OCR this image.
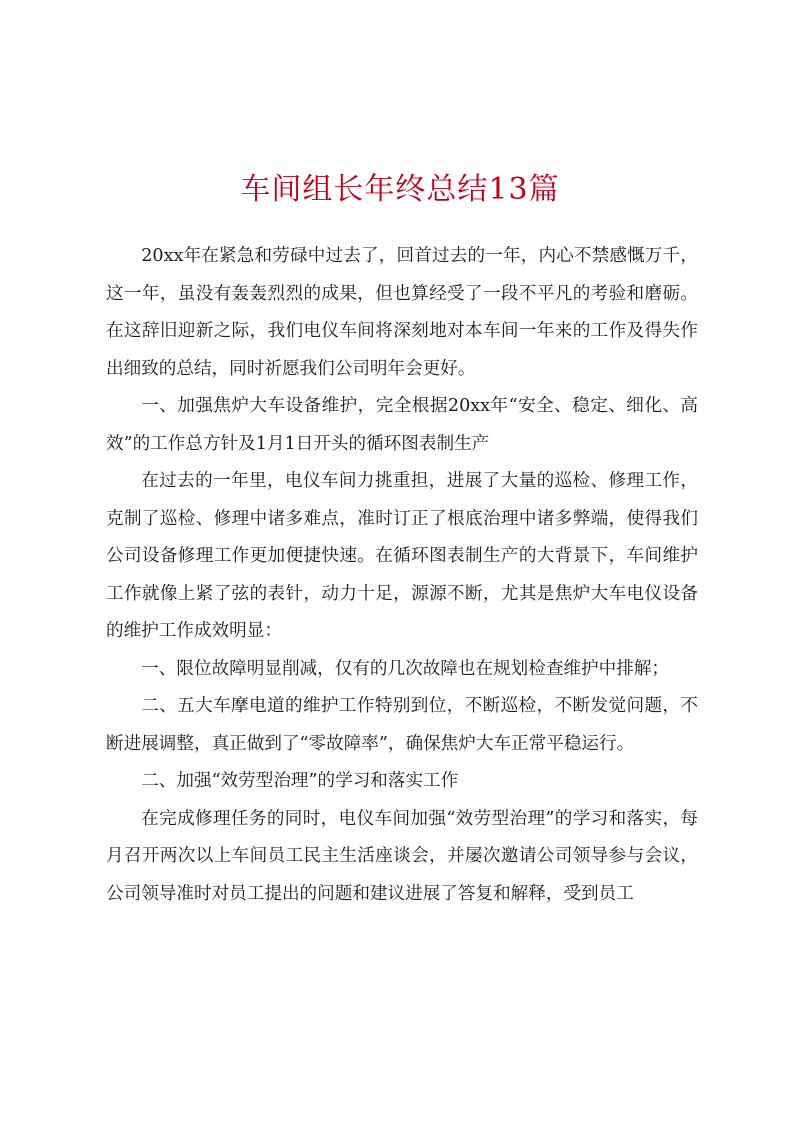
车间组长年终总结13篇

20xx年在紧急和劳碌中过去了，回首过去的一年，内心不禁感慨万千，这一年，虽没有轰轰烈烈的成果，但也算经受了一段不平凡的考验和磨砺。在这辞旧迎新之际，我们电仪车间将深刻地对本车间一年来的工作及得失作出细致的总结，同时祈愿我们公司明年会更好。

一、加强焦炉大车设备维护，完全根据20xx年“安全、稳定、细化、高效”的工作总方针及1月1日开头的循环图表制生产

在过去的一年里，电仪车间力挑重担，进展了大量的巡检、修理工作，克制了巡检、修理中诸多难点，准时订正了根底治理中诸多弊端，使得我们公司设备修理工作更加便捷快速。在循环图表制生产的大背景下，车间维护工作就像上紧了弦的表针，动力十足，源源不断，尤其是焦炉大车电仪设备的维护工作成效明显：

一、限位故障明显削减，仅有的几次故障也在规划检查维护中排解；

二、五大车摩电道的维护工作特别到位，不断巡检，不断发觉问题，不断进展调整，真正做到了“零故障率”，确保焦炉大车正常平稳运行。

二、加强“效劳型治理”的学习和落实工作

在完成修理任务的同时，电仪车间加强“效劳型治理”的学习和落实，每月召开两次以上车间员工民主生活座谈会，并屡次邀请公司领导参与会议，公司领导准时对员工提出的问题和建议进展了答复和解释，受到员工
